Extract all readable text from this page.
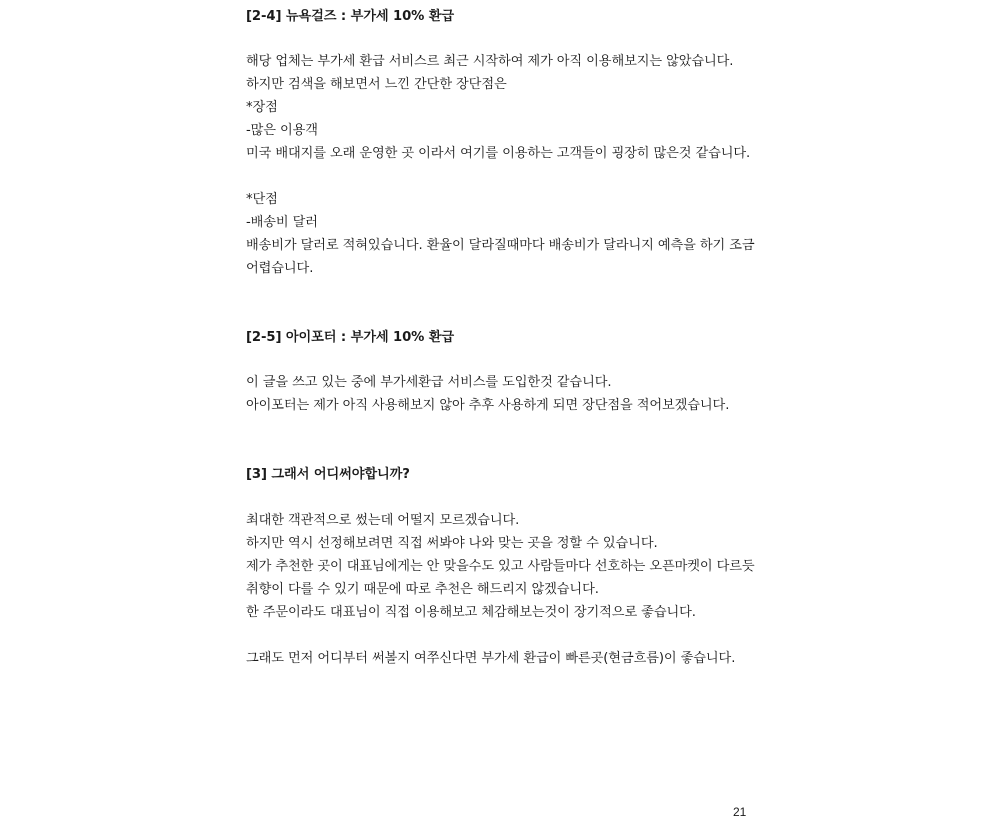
[2-4] 뉴욕걸즈 : 부가세 10% 환급
해당 업체는 부가세 환급 서비스르 최근 시작하여 제가 아직 이용해보지는 않았습니다.
하지만 검색을 해보면서 느낀 간단한 장단점은
*장점
-많은 이용객
미국 배대지를 오래 운영한 곳 이라서 여기를 이용하는 고객들이 굉장히 많은것 같습니다.
*단점
-배송비 달러
배송비가 달러로 적혀있습니다. 환율이 달라질때마다 배송비가 달라니지 예측을 하기 조금
어렵습니다.
[2-5] 아이포터 : 부가세 10% 환급
이 글을 쓰고 있는 중에 부가세환급 서비스를 도입한것 같습니다.
아이포터는 제가 아직 사용해보지 않아 추후 사용하게 되면 장단점을 적어보겠습니다.
[3] 그래서 어디써야합니까?
최대한 객관적으로 썼는데 어떨지 모르겠습니다.
하지만 역시 선정해보려면 직접 써봐야 나와 맞는 곳을 정할 수 있습니다.
제가 추천한 곳이 대표님에게는 안 맞을수도 있고 사람들마다 선호하는 오픈마켓이 다르듯
취향이 다를 수 있기 때문에 따로 추천은 해드리지 않겠습니다.
한 주문이라도 대표님이 직접 이용해보고 체감해보는것이 장기적으로 좋습니다.
그래도 먼저 어디부터 써볼지 여쭈신다면 부가세 환급이 빠른곳(현금흐름)이 좋습니다.
21
